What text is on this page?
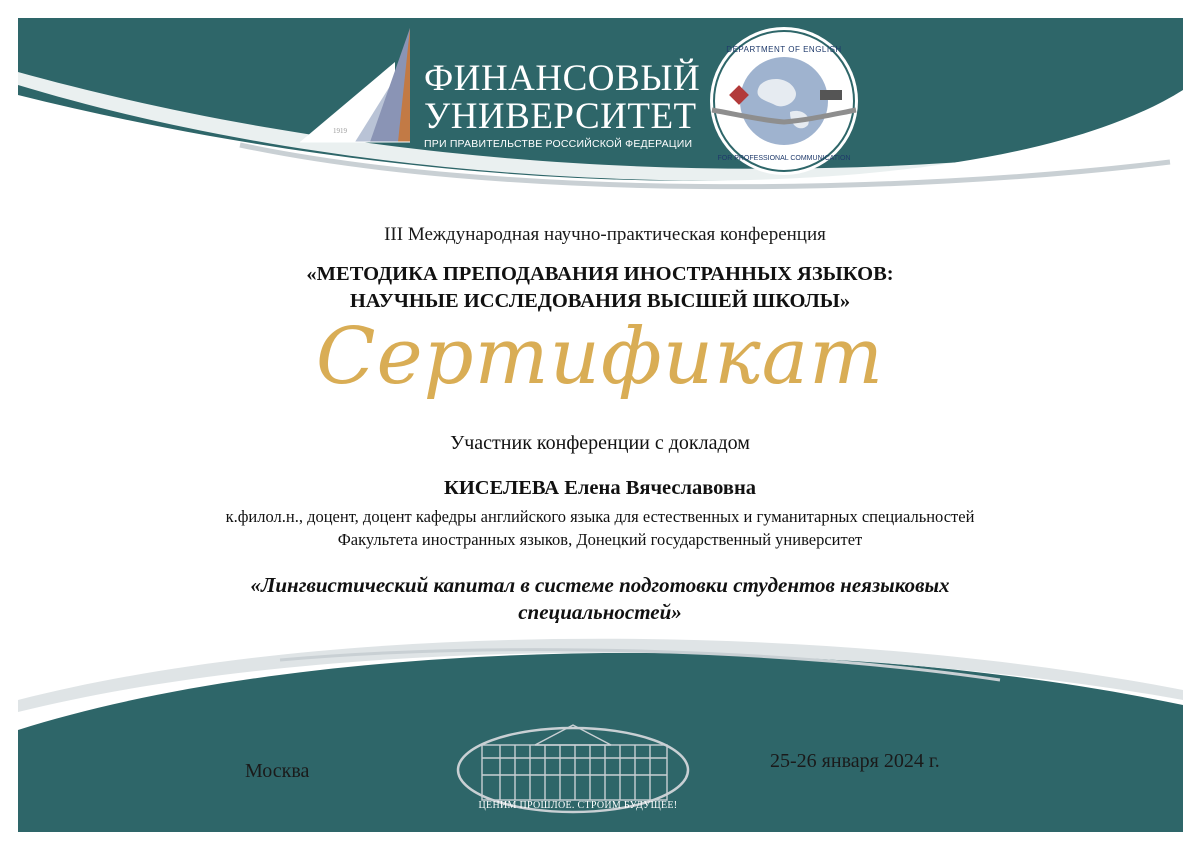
DEPARTMENT OF ENGLISH
FOR PROFESSIONAL COMMUNICATION
ФИНАНСОВЫЙ
УНИВЕРСИТЕТ
ПРИ ПРАВИТЕЛЬСТВЕ РОССИЙСКОЙ ФЕДЕРАЦИИ
1919
III Международная научно-практическая конференция
«МЕТОДИКА ПРЕПОДАВАНИЯ ИНОСТРАННЫХ ЯЗЫКОВ:
НАУЧНЫЕ ИССЛЕДОВАНИЯ ВЫСШЕЙ ШКОЛЫ»
Сертификат
Участник конференции с докладом
КИСЕЛЕВА Елена Вячеславовна
к.филол.н., доцент, доцент кафедры английского языка для естественных и гуманитарных специальностей
Факультета иностранных языков, Донецкий государственный университет
«Лингвистический капитал в системе подготовки студентов неязыковых
специальностей»
Москва	25-26 января 2024 г.
ЦЕНИМ ПРОШЛОЕ. СТРОИМ БУДУЩЕЕ!
